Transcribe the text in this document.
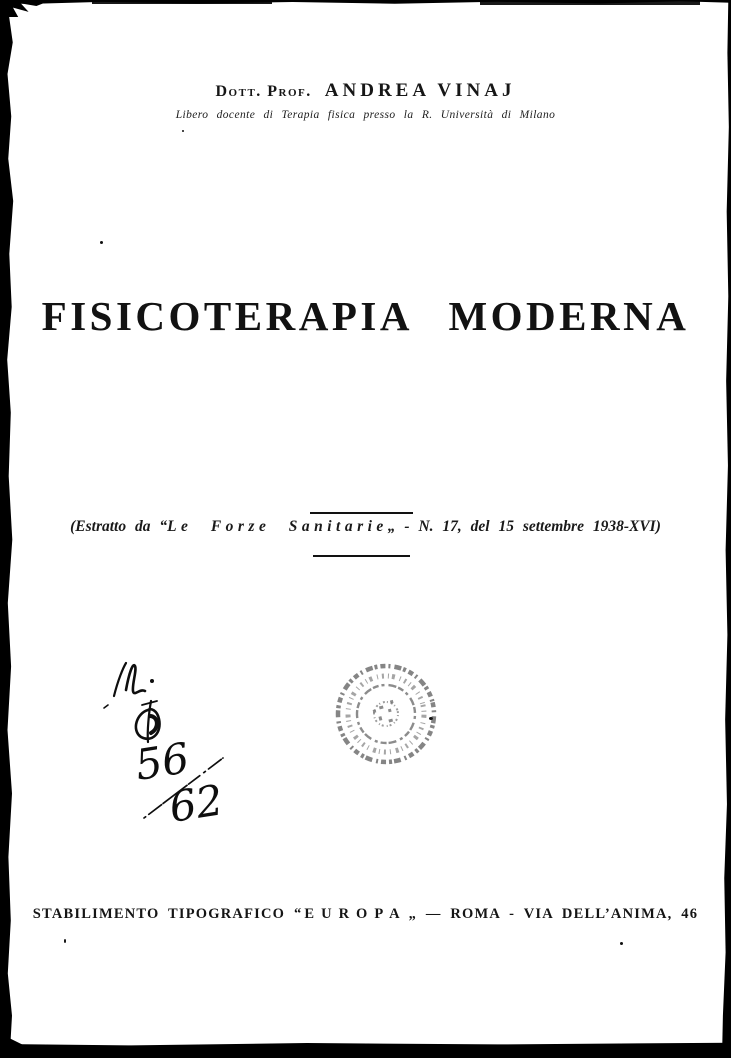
Dott. Prof. ANDREA VINAJ
Libero docente di Terapia fisica presso la R. Università di Milano
FISICOTERAPIA MODERNA

(Estratto da “Le Forze Sanitarie„ - N. 17, del 15 settembre 1938-XVI)

56
62
STABILIMENTO TIPOGRAFICO “ EUROPA „ — ROMA - VIA DELL’ANIMA, 46
